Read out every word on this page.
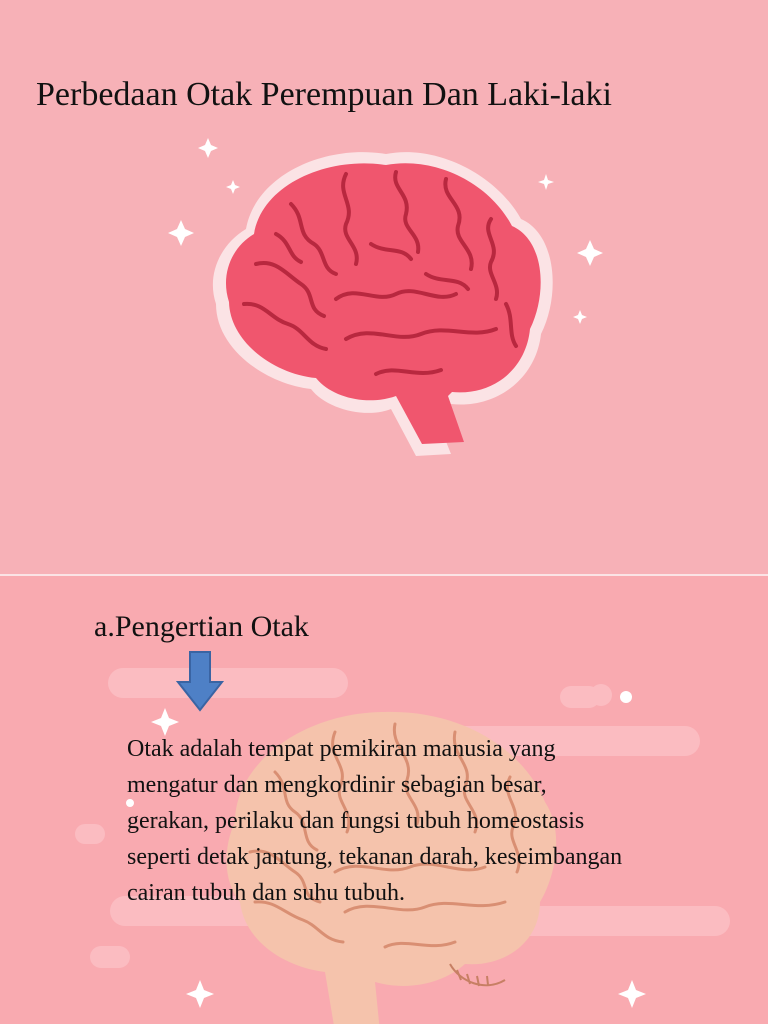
Perbedaan Otak Perempuan Dan Laki-laki
a.Pengertian Otak
Otak adalah tempat pemikiran manusia yang
mengatur dan mengkordinir sebagian besar,
gerakan, perilaku dan fungsi tubuh homeostasis
seperti detak jantung, tekanan darah, keseimbangan
cairan tubuh dan suhu tubuh.
